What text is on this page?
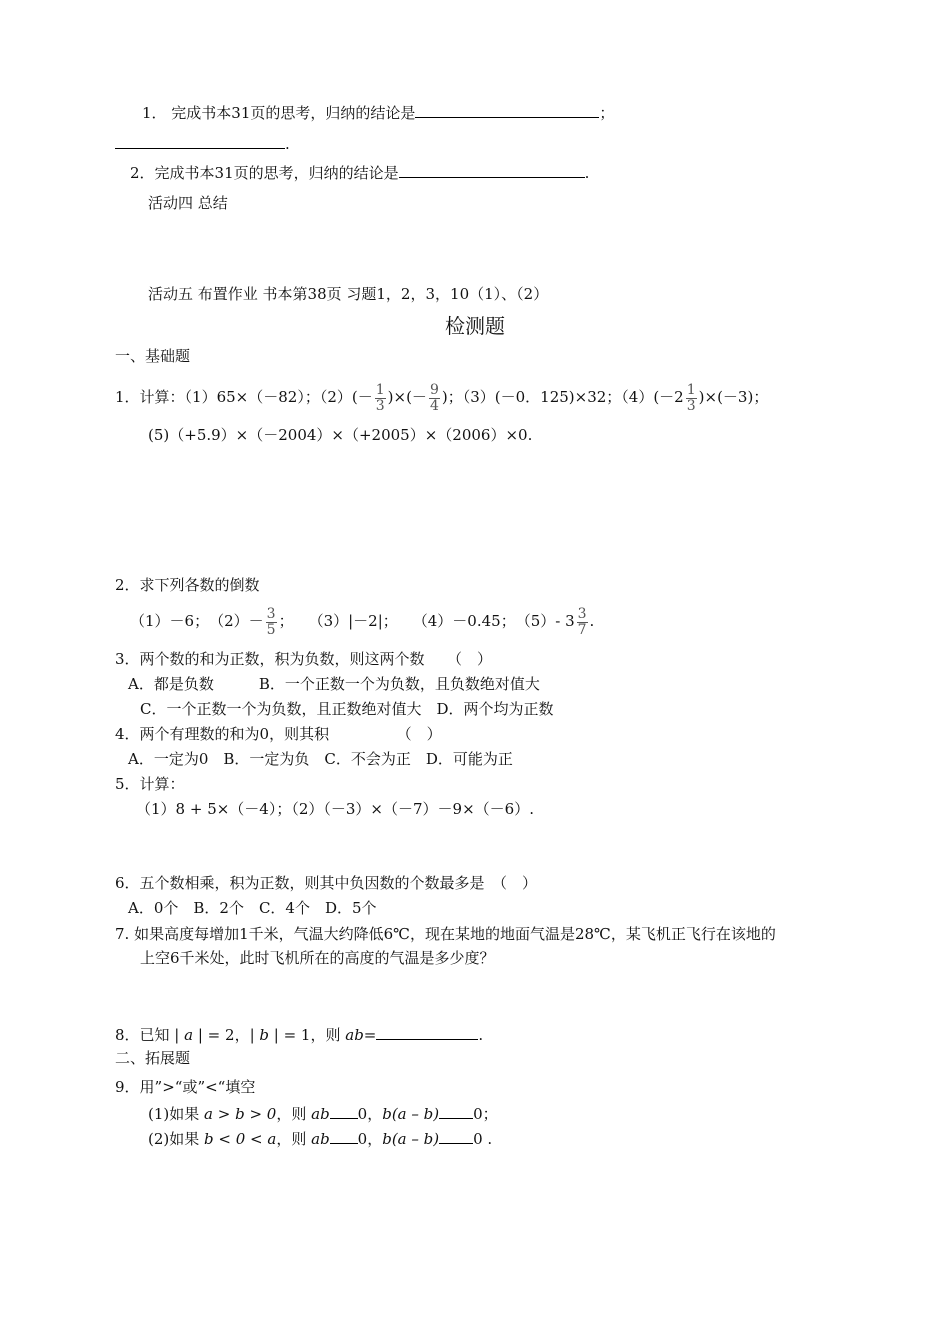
1． 完成书本31页的思考，归纳的结论是	；
.
2．完成书本31页的思考，归纳的结论是	.
活动四 总结
活动五 布置作业 书本第38页 习题1，2，3，10（1）、（2）
检测题
一、基础题
1．计算：（1）65×（－82）；$(2)(- \frac{1}{3}$ )×(－ $\frac{9}{4}$ )；（3）(－0．125)×32；$(4)(-2 \frac{1}{3} )\times(-3)$；
(5)（+5.9）×（－2004）×（+2005）×（2006）×0.
2．求下列各数的倒数
（1）－6；　$(2)- \frac{3}{5}$ ；　　（3）|－2|；　　（4）－0.45；　（5）- $3 \frac{3}{7}$ .
3．两个数的和为正数，积为负数，则这两个数　　（　）
A．都是负数　　　B．一个正数一个为负数，且负数绝对值大
C．一个正数一个为负数，且正数绝对值大　D．两个均为正数
4．两个有理数的和为0，则其积　　　　　（　）
A．一定为0　B．一定为负　C．不会为正　D．可能为正
5．计算：
（1）8 + 5×（－4）；（2）（－3）×（－7）－9×（－6）.
6．五个数相乘，积为正数，则其中负因数的个数最多是　（　）
A．0个　B．2个　C．4个　D．5个
7. 如果高度每增加1千米，气温大约降低6℃，现在某地的地面气温是28℃，某飞机正飞行在该地的
上空6千米处，此时飞机所在的高度的气温是多少度？
8．已知 | a | = 2，| b | = 1，则 ab=	.
二、拓展题
9．用”>“或”<“填空
(1)如果 a > b > 0，则 ab 0，b(a – b) 0；
(2)如果 b < 0 < a，则 ab 0，b(a – b) 0 .
